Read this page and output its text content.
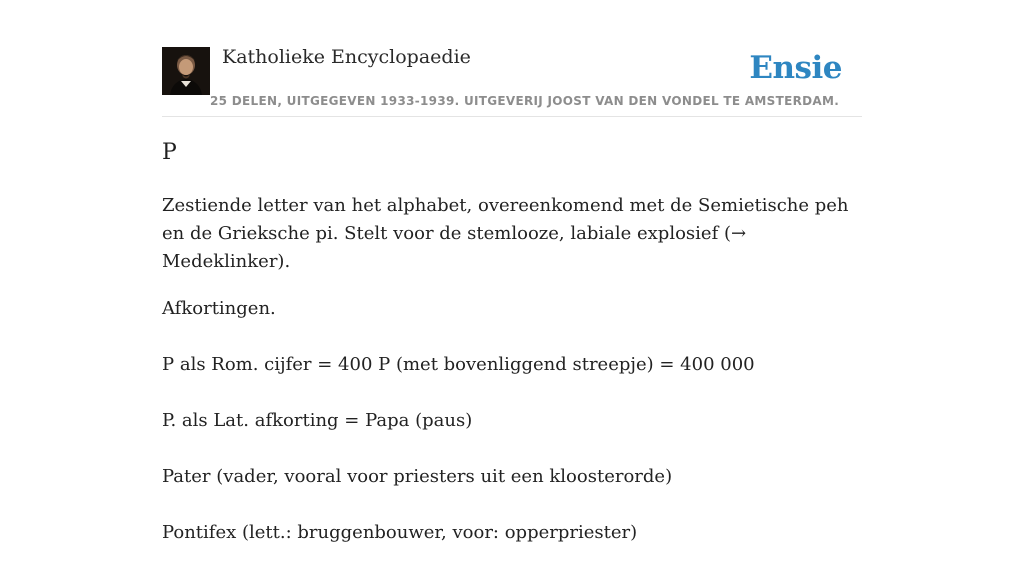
Katholieke Encyclopaedie
25 DELEN, UITGEGEVEN 1933-1939. UITGEVERIJ JOOST VAN DEN VONDEL TE AMSTERDAM.
Ensie
P

Zestiende letter van het alphabet, overeenkomend met de Semietische peh en de Grieksche pi. Stelt voor de stemlooze, labiale explosief (→ Medeklinker).

Afkortingen.

P als Rom. cijfer = 400 P (met bovenliggend streepje) = 400 000

P. als Lat. afkorting = Papa (paus)

Pater (vader, vooral voor priesters uit een kloosterorde)

Pontifex (lett.: bruggenbouwer, voor: opperpriester)
